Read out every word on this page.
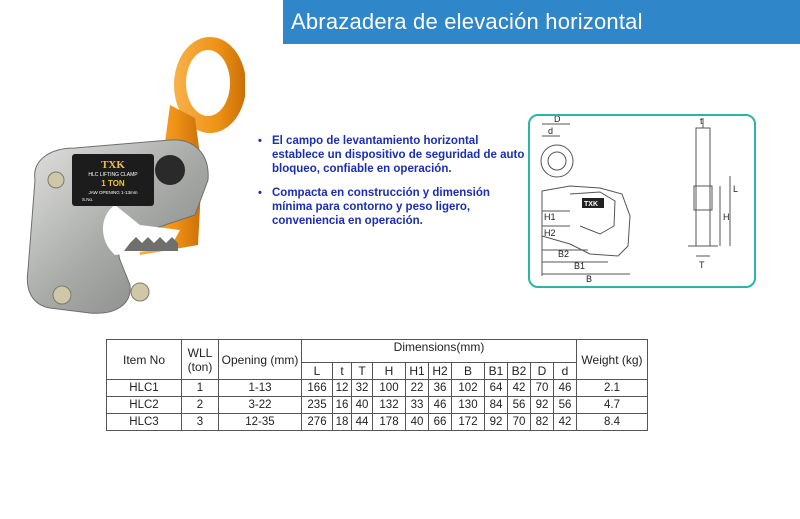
Abrazadera de elevación horizontal
TXK
HLC LIFTING CLAMP
1 TON
JAW OPENING 1-13mm
S.No.
• El campo de levantamiento horizontal establece un dispositivo de seguridad de auto bloqueo, confiable en operación.
• Compacta en construcción y dimensión mínima para contorno y peso ligero, conveniencia en operación.
D
d
TXK
H1
H2
B2
B1
B
L
H
t
T
Item No	WLL (ton)	Opening (mm)	Dimensions(mm)											Weight (kg)
			L	t	T	H	H1	H2	B	B1	B2	D	d	
HLC1	1	1-13	166	12	32	100	22	36	102	64	42	70	46	2.1
HLC2	2	3-22	235	16	40	132	33	46	130	84	56	92	56	4.7
HLC3	3	12-35	276	18	44	178	40	66	172	92	70	82	42	8.4
